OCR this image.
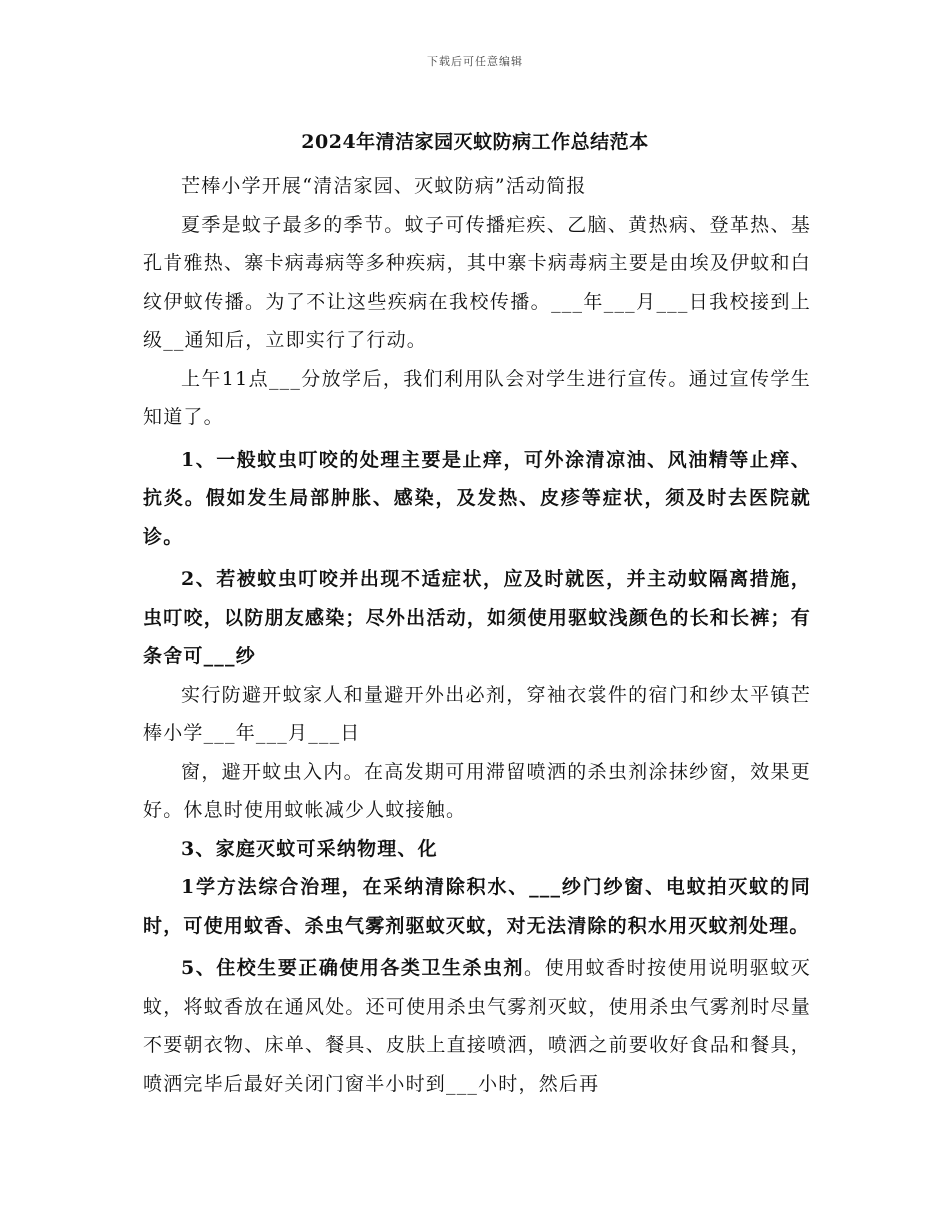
下载后可任意编辑
2024年清洁家园灭蚊防病工作总结范本

芒棒小学开展“清洁家园、灭蚊防病”活动简报

夏季是蚊子最多的季节。蚊子可传播疟疾、乙脑、黄热病、登革热、基孔肯雅热、寨卡病毒病等多种疾病，其中寨卡病毒病主要是由埃及伊蚊和白纹伊蚊传播。为了不让这些疾病在我校传播。___年___月___日我校接到上级__通知后，立即实行了行动。

上午11点___分放学后，我们利用队会对学生进行宣传。通过宣传学生知道了。

1、一般蚊虫叮咬的处理主要是止痒，可外涂清凉油、风油精等止痒、抗炎。假如发生局部肿胀、感染，及发热、皮疹等症状，须及时去医院就诊。

2、若被蚊虫叮咬并出现不适症状，应及时就医，并主动蚊隔离措施，虫叮咬，以防朋友感染；尽外出活动，如须使用驱蚊浅颜色的长和长裤；有条舍可___纱

实行防避开蚊家人和量避开外出必剂，穿袖衣裳件的宿门和纱太平镇芒棒小学___年___月___日

窗，避开蚊虫入内。在高发期可用滞留喷洒的杀虫剂涂抹纱窗，效果更好。休息时使用蚊帐减少人蚊接触。

3、家庭灭蚊可采纳物理、化

1学方法综合治理，在采纳清除积水、___纱门纱窗、电蚊拍灭蚊的同时，可使用蚊香、杀虫气雾剂驱蚊灭蚊，对无法清除的积水用灭蚊剂处理。

5、住校生要正确使用各类卫生杀虫剂。使用蚊香时按使用说明驱蚊灭蚊，将蚊香放在通风处。还可使用杀虫气雾剂灭蚊，使用杀虫气雾剂时尽量不要朝衣物、床单、餐具、皮肤上直接喷洒，喷洒之前要收好食品和餐具，喷洒完毕后最好关闭门窗半小时到___小时，然后再
